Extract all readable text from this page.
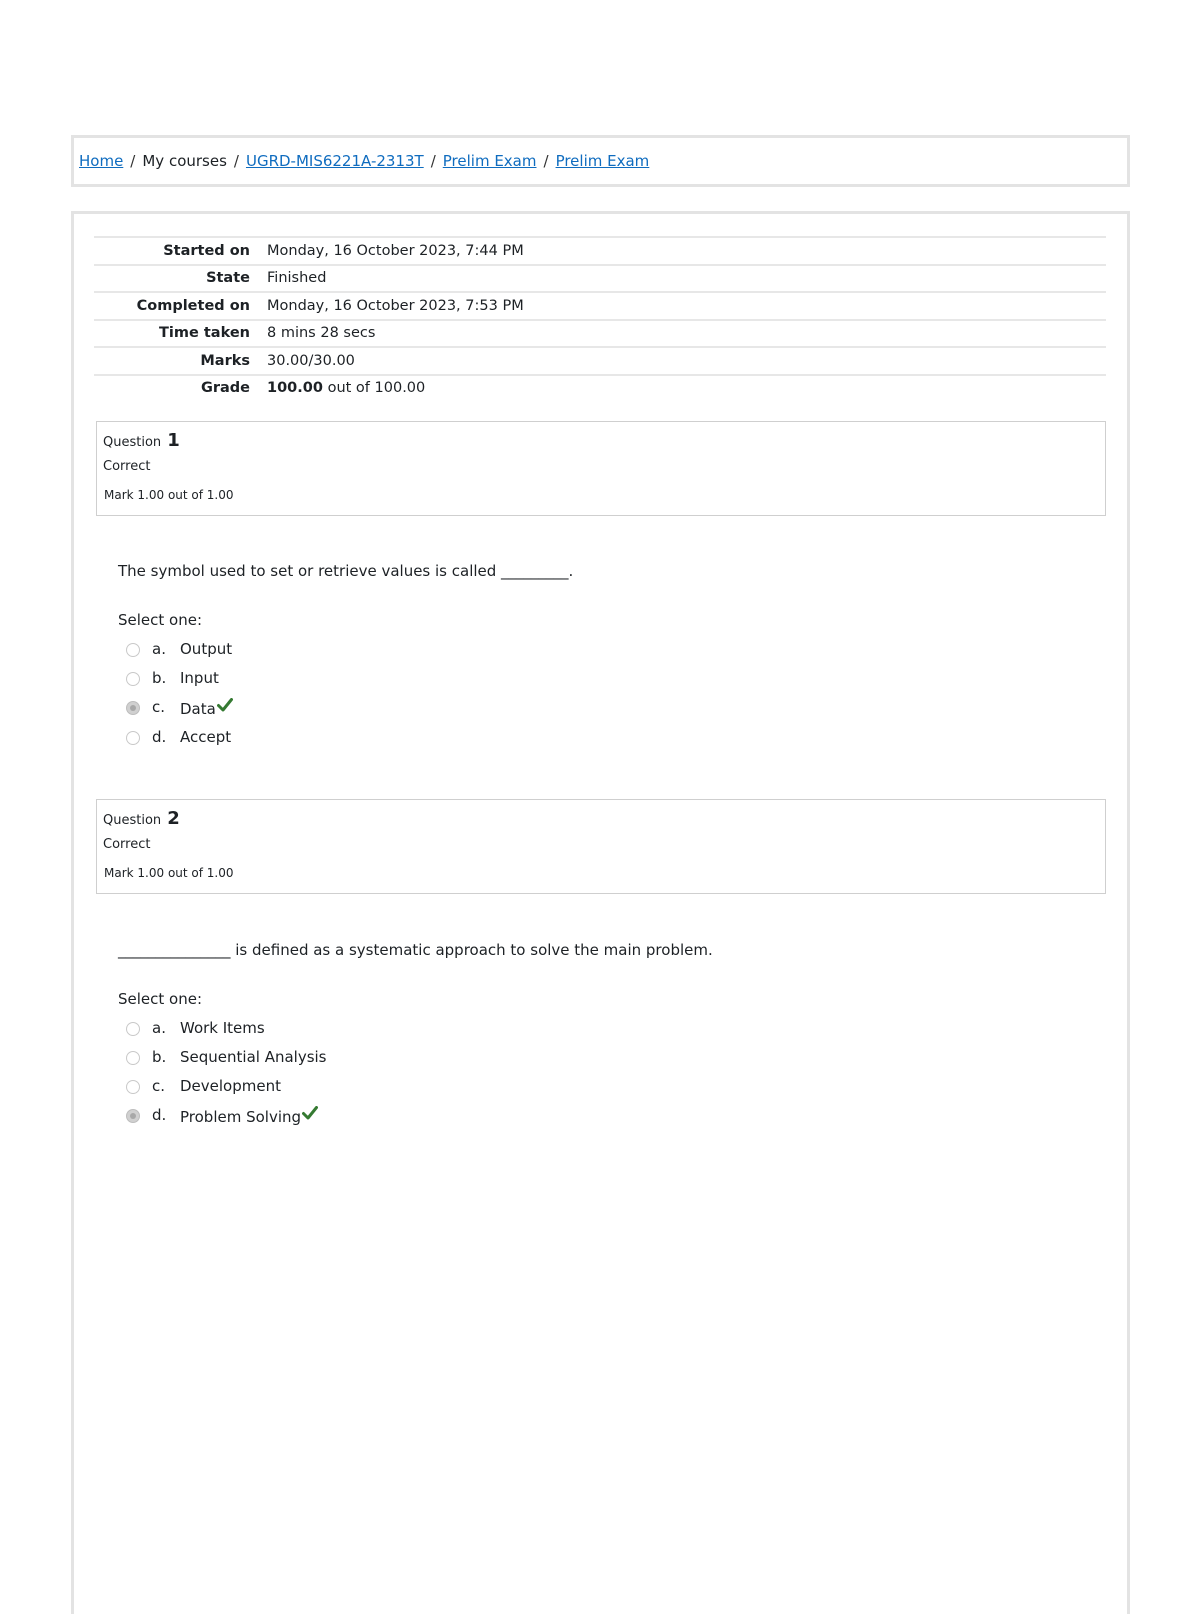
Home / My courses / UGRD-MIS6221A-2313T / Prelim Exam / Prelim Exam
Started on	Monday, 16 October 2023, 7:44 PM
State	Finished
Completed on	Monday, 16 October 2023, 7:53 PM
Time taken	8 mins 28 secs
Marks	30.00/30.00
Grade	100.00 out of 100.00
Question 1
Correct
Mark 1.00 out of 1.00
The symbol used to set or retrieve values is called _________.
Select one:
a. Output
b. Input
c. Data
d. Accept
Question 2
Correct
Mark 1.00 out of 1.00
_______________ is defined as a systematic approach to solve the main problem.
Select one:
a. Work Items
b. Sequential Analysis
c. Development
d. Problem Solving
